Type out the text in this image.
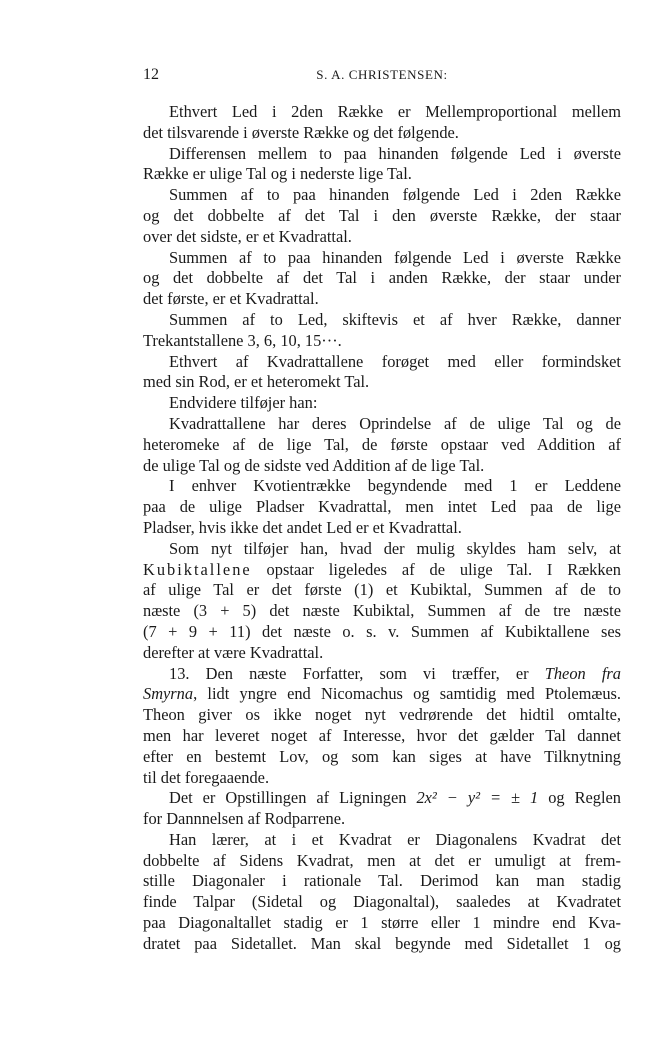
12	S. A. CHRISTENSEN:
Ethvert Led i 2den Række er Mellemproportional mellem
det tilsvarende i øverste Række og det følgende.
Differensen mellem to paa hinanden følgende Led i øverste
Række er ulige Tal og i nederste lige Tal.
Summen af to paa hinanden følgende Led i 2den Række
og det dobbelte af det Tal i den øverste Række, der staar
over det sidste, er et Kvadrattal.
Summen af to paa hinanden følgende Led i øverste Række
og det dobbelte af det Tal i anden Række, der staar under
det første, er et Kvadrattal.
Summen af to Led, skiftevis et af hver Række, danner
Trekantstallene 3, 6, 10, 15···.
Ethvert af Kvadrattallene forøget med eller formindsket
med sin Rod, er et heteromekt Tal.
Endvidere tilføjer han:
Kvadrattallene har deres Oprindelse af de ulige Tal og de
heteromeke af de lige Tal, de første opstaar ved Addition af
de ulige Tal og de sidste ved Addition af de lige Tal.
I enhver Kvotientrække begyndende med 1 er Leddene
paa de ulige Pladser Kvadrattal, men intet Led paa de lige
Pladser, hvis ikke det andet Led er et Kvadrattal.
Som nyt tilføjer han, hvad der mulig skyldes ham selv, at
Kubiktallene opstaar ligeledes af de ulige Tal. I Rækken
af ulige Tal er det første (1) et Kubiktal, Summen af de to
næste (3 + 5) det næste Kubiktal, Summen af de tre næste
(7 + 9 + 11) det næste o. s. v. Summen af Kubiktallene ses
derefter at være Kvadrattal.
13. Den næste Forfatter, som vi træffer, er Theon fra
Smyrna, lidt yngre end Nicomachus og samtidig med Ptolemæus.
Theon giver os ikke noget nyt vedrørende det hidtil omtalte,
men har leveret noget af Interesse, hvor det gælder Tal dannet
efter en bestemt Lov, og som kan siges at have Tilknytning
til det foregaaende.
Det er Opstillingen af Ligningen 2x² − y² = ± 1 og Reglen
for Dannnelsen af Rodparrene.
Han lærer, at i et Kvadrat er Diagonalens Kvadrat det
dobbelte af Sidens Kvadrat, men at det er umuligt at frem-
stille Diagonaler i rationale Tal. Derimod kan man stadig
finde Talpar (Sidetal og Diagonaltal), saaledes at Kvadratet
paa Diagonaltallet stadig er 1 større eller 1 mindre end Kva-
dratet paa Sidetallet. Man skal begynde med Sidetallet 1 og
